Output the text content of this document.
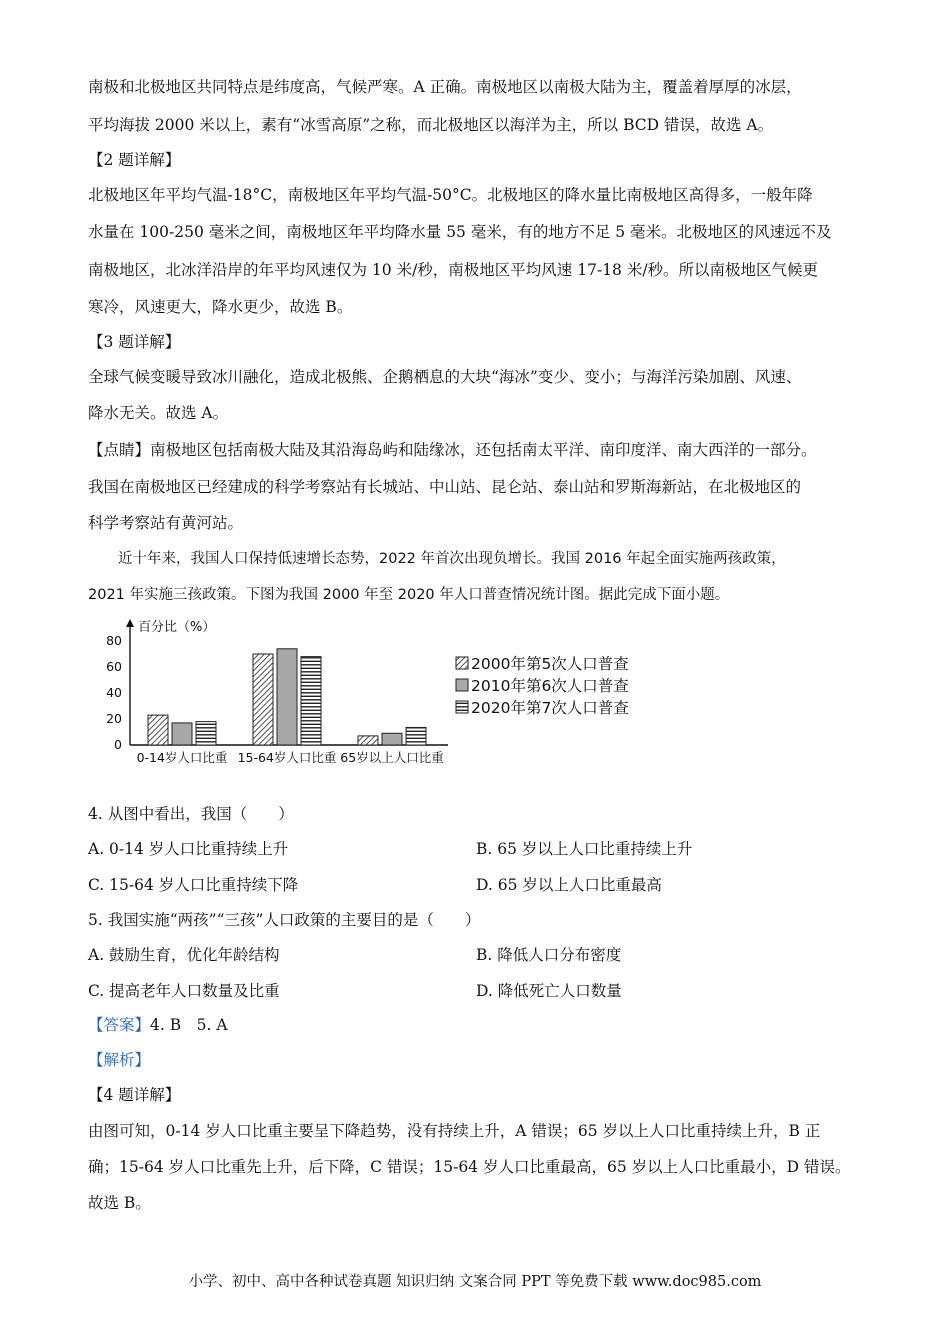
南极和北极地区共同特点是纬度高，气候严寒。A 正确。南极地区以南极大陆为主，覆盖着厚厚的冰层，
平均海拔 2000 米以上，素有“冰雪高原”之称，而北极地区以海洋为主，所以 BCD 错误，故选 A。
【2 题详解】
北极地区年平均气温-18°C，南极地区年平均气温-50°C。北极地区的降水量比南极地区高得多，一般年降
水量在 100-250 毫米之间，南极地区年平均降水量 55 毫米，有的地方不足 5 毫米。北极地区的风速远不及
南极地区，北冰洋沿岸的年平均风速仅为 10 米/秒，南极地区平均风速 17-18 米/秒。所以南极地区气候更
寒冷，风速更大，降水更少，故选 B。
【3 题详解】
全球气候变暖导致冰川融化，造成北极熊、企鹅栖息的大块“海冰”变少、变小；与海洋污染加剧、风速、
降水无关。故选 A。
【点睛】南极地区包括南极大陆及其沿海岛屿和陆缘冰，还包括南太平洋、南印度洋、南大西洋的一部分。
我国在南极地区已经建成的科学考察站有长城站、中山站、昆仑站、泰山站和罗斯海新站，在北极地区的
科学考察站有黄河站。
近十年来，我国人口保持低速增长态势，2022 年首次出现负增长。我国 2016 年起全面实施两孩政策，
2021 年实施三孩政策。下图为我国 2000 年至 2020 年人口普查情况统计图。据此完成下面小题。
百分比（%）
0
20
40
60
80
0-14岁人口比重 15-64岁人口比重 65岁以上人口比重
2000年第5次人口普查
2010年第6次人口普查
2020年第7次人口普查
4. 从图中看出，我国（　　）
A. 0-14 岁人口比重持续上升	B. 65 岁以上人口比重持续上升
C. 15-64 岁人口比重持续下降	D. 65 岁以上人口比重最高
5. 我国实施“两孩”“三孩”人口政策的主要目的是（　　）
A. 鼓励生育，优化年龄结构	B. 降低人口分布密度
C. 提高老年人口数量及比重	D. 降低死亡人口数量
【答案】4. B　5. A
【解析】
【4 题详解】
由图可知，0-14 岁人口比重主要呈下降趋势，没有持续上升，A 错误；65 岁以上人口比重持续上升，B 正
确；15-64 岁人口比重先上升，后下降，C 错误；15-64 岁人口比重最高，65 岁以上人口比重最小，D 错误。
故选 B。
小学、初中、高中各种试卷真题 知识归纳 文案合同 PPT 等免费下载 www.doc985.com
